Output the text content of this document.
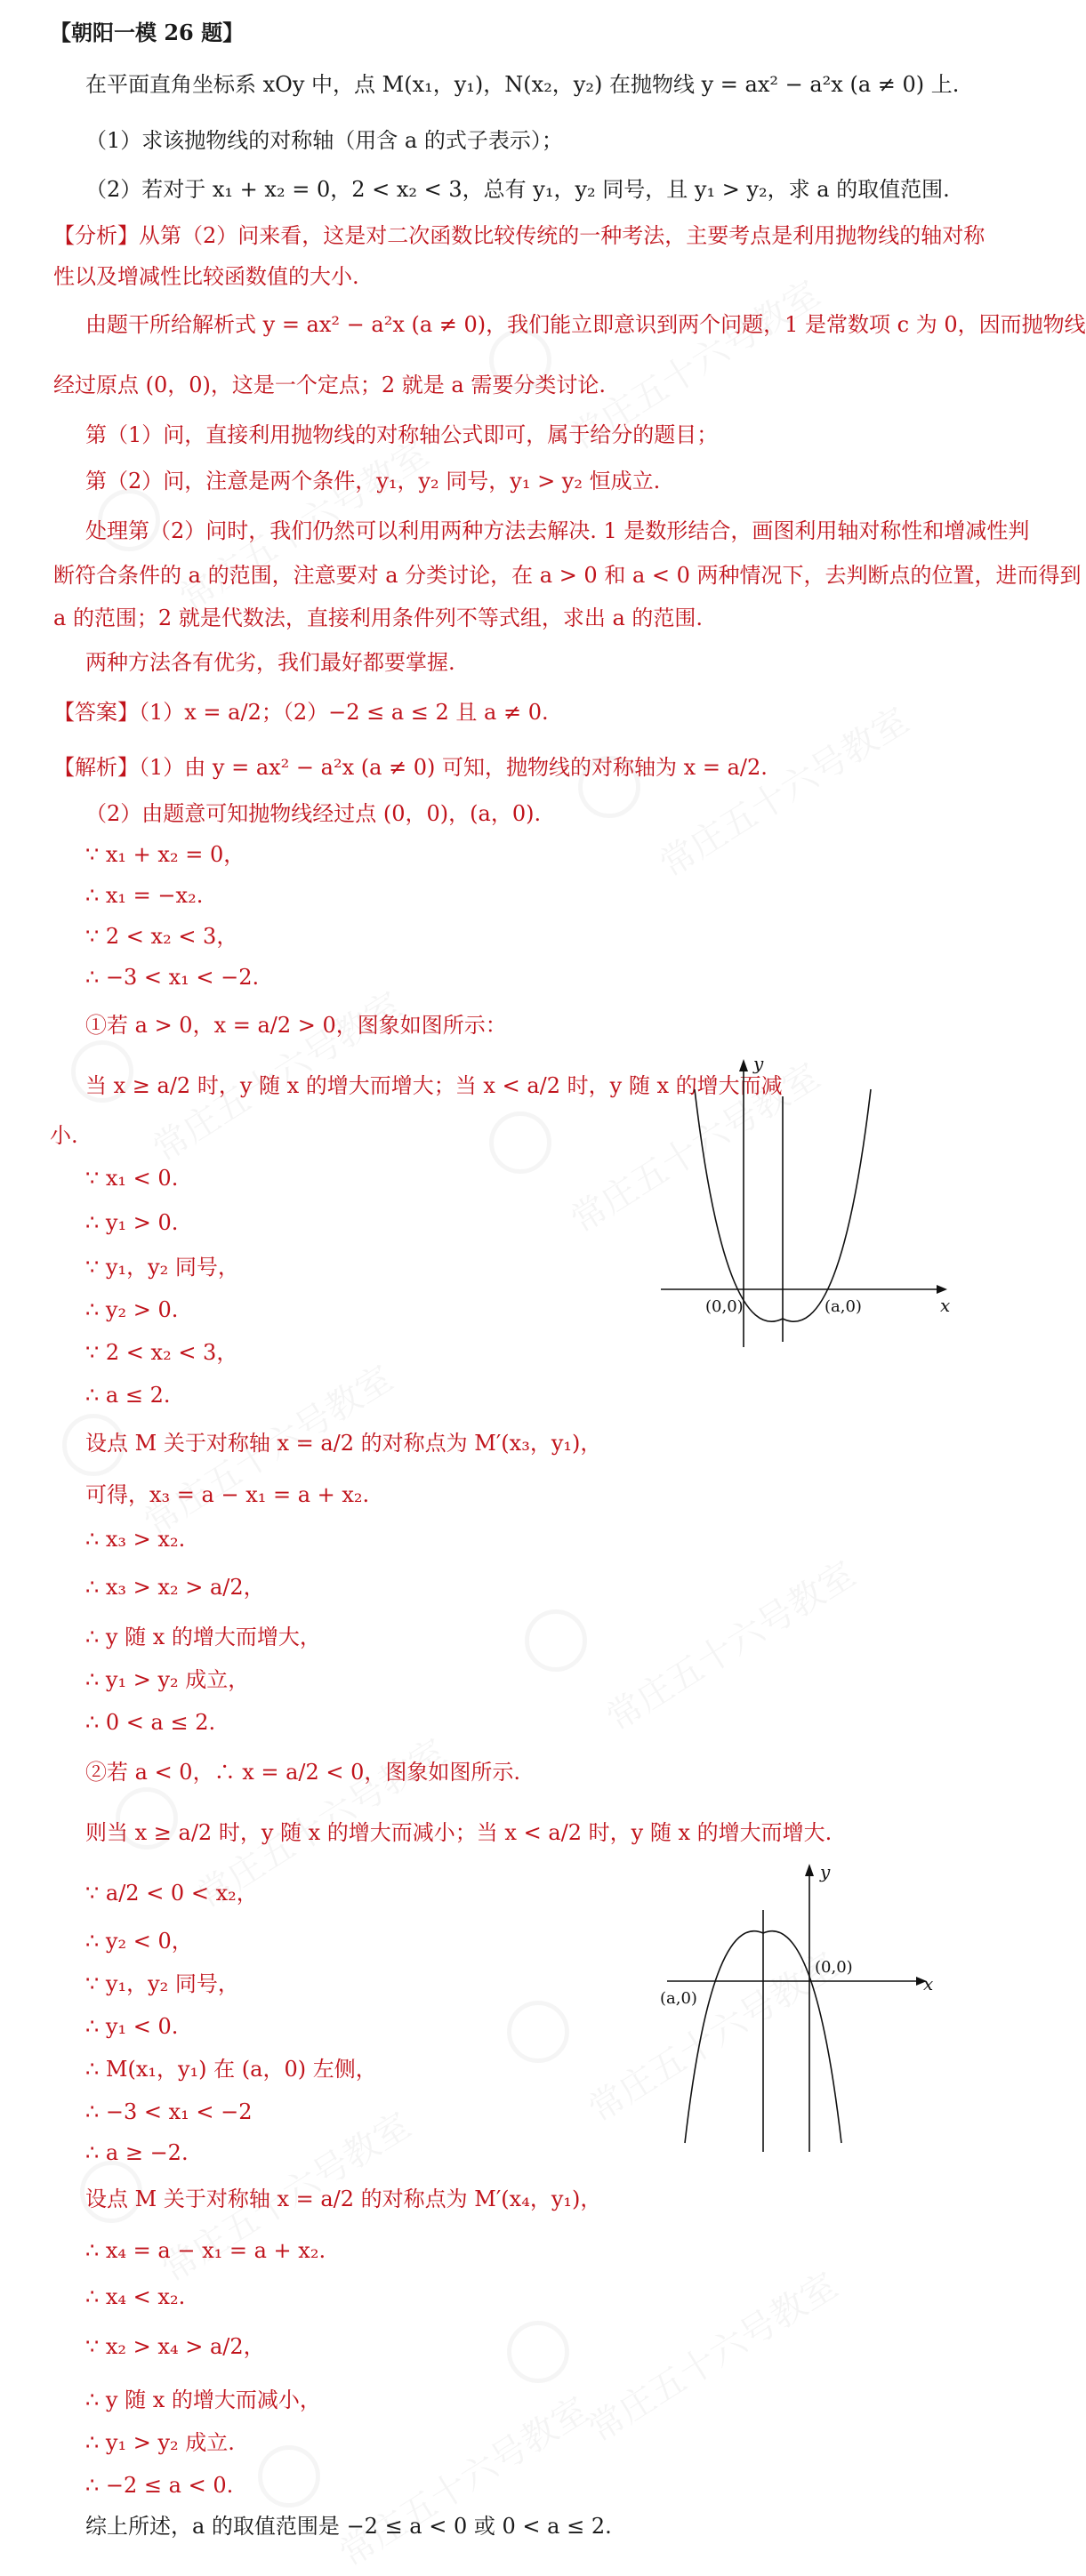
【朝阳一模 26 题】
在平面直角坐标系 xOy 中，点 M(x₁，y₁)，N(x₂，y₂) 在抛物线 y = ax² − a²x (a ≠ 0) 上.
（1）求该抛物线的对称轴（用含 a 的式子表示）；
（2）若对于 x₁ + x₂ = 0，2 < x₂ < 3，总有 y₁，y₂ 同号，且 y₁ > y₂，求 a 的取值范围.
【分析】从第（2）问来看，这是对二次函数比较传统的一种考法，主要考点是利用抛物线的轴对称
性以及增减性比较函数值的大小.
由题干所给解析式 y = ax² − a²x (a ≠ 0)，我们能立即意识到两个问题，1 是常数项 c 为 0，因而抛物线
经过原点 (0，0)，这是一个定点；2 就是 a 需要分类讨论.
第（1）问，直接利用抛物线的对称轴公式即可，属于给分的题目；
第（2）问，注意是两个条件，y₁，y₂ 同号，y₁ > y₂ 恒成立.
处理第（2）问时，我们仍然可以利用两种方法去解决. 1 是数形结合，画图利用轴对称性和增减性判
断符合条件的 a 的范围，注意要对 a 分类讨论，在 a > 0 和 a < 0 两种情况下，去判断点的位置，进而得到
a 的范围；2 就是代数法，直接利用条件列不等式组，求出 a 的范围.
两种方法各有优劣，我们最好都要掌握.
【答案】（1）x = a/2；（2）−2 ≤ a ≤ 2 且 a ≠ 0.
【解析】（1）由 y = ax² − a²x (a ≠ 0) 可知，抛物线的对称轴为 x = a/2.
（2）由题意可知抛物线经过点 (0，0)，(a，0).
∵ x₁ + x₂ = 0，
∴ x₁ = −x₂.
∵ 2 < x₂ < 3，
∴ −3 < x₁ < −2.
①若 a > 0，x = a/2 > 0，图象如图所示：
当 x ≥ a/2 时，y 随 x 的增大而增大；当 x < a/2 时，y 随 x 的增大而减
小.
∵ x₁ < 0.
∴ y₁ > 0.
∵ y₁，y₂ 同号，
∴ y₂ > 0.
∵ 2 < x₂ < 3，
∴ a ≤ 2.
设点 M 关于对称轴 x = a/2 的对称点为 M′(x₃，y₁)，
可得，x₃ = a − x₁ = a + x₂.
∴ x₃ > x₂.
∴ x₃ > x₂ > a/2，
∴ y 随 x 的增大而增大，
∴ y₁ > y₂ 成立，
∴ 0 < a ≤ 2.
②若 a < 0，∴ x = a/2 < 0，图象如图所示.
则当 x ≥ a/2 时，y 随 x 的增大而减小；当 x < a/2 时，y 随 x 的增大而增大.
∵ a/2 < 0 < x₂，
∴ y₂ < 0，
∵ y₁，y₂ 同号，
∴ y₁ < 0.
∴ M(x₁，y₁) 在 (a，0) 左侧，
∴ −3 < x₁ < −2
∴ a ≥ −2.
设点 M 关于对称轴 x = a/2 的对称点为 M′(x₄，y₁)，
∴ x₄ = a − x₁ = a + x₂.
∴ x₄ < x₂.
∵ x₂ > x₄ > a/2，
∴ y 随 x 的增大而减小，
∴ y₁ > y₂ 成立.
∴ −2 ≤ a < 0.
综上所述，a 的取值范围是 −2 ≤ a < 0 或 0 < a ≤ 2.
y
x
(0,0)	(a,0)
y
x
(0,0)
(a,0)
